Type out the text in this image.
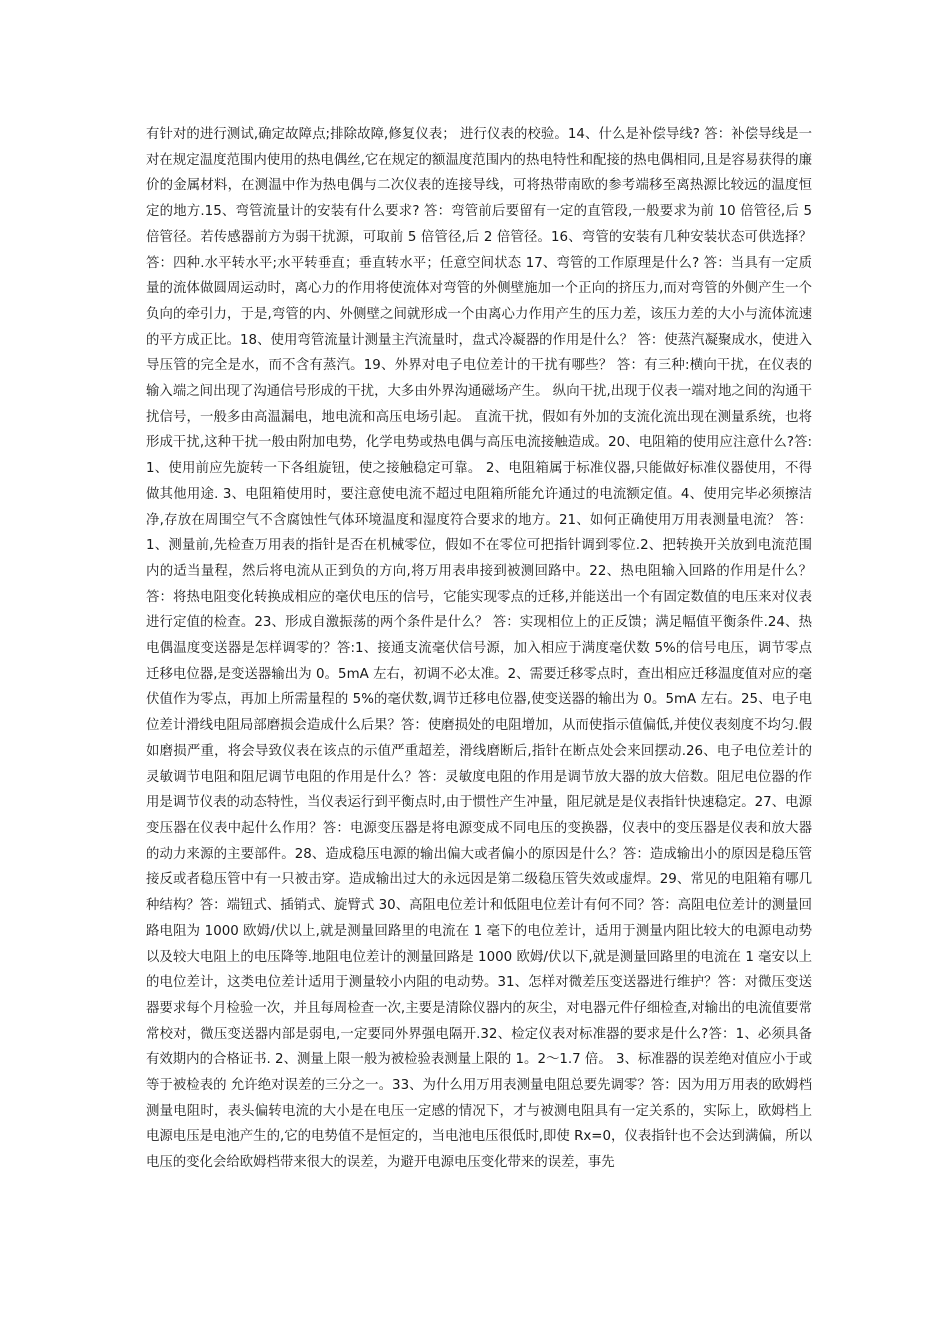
有针对的进行测试,确定故障点;排除故障,修复仪表； 进行仪表的校验。14、什么是补偿导线? 答：补偿导线是一对在规定温度范围内使用的热电偶丝,它在规定的额温度范围内的热电特性和配接的热电偶相同,且是容易获得的廉价的金属材料，在测温中作为热电偶与二次仪表的连接导线，可将热带南欧的参考端移至离热源比较远的温度恒定的地方.15、弯管流量计的安装有什么要求? 答：弯管前后要留有一定的直管段,一般要求为前 10 倍管径,后 5 倍管径。若传感器前方为弱干扰源，可取前 5 倍管径,后 2 倍管径。16、弯管的安装有几种安装状态可供选择？ 答：四种.水平转水平;水平转垂直；垂直转水平；任意空间状态 17、弯管的工作原理是什么? 答：当具有一定质量的流体做圆周运动时，离心力的作用将使流体对弯管的外侧壁施加一个正向的挤压力,而对弯管的外侧产生一个负向的牵引力，于是,弯管的内、外侧壁之间就形成一个由离心力作用产生的压力差，该压力差的大小与流体流速的平方成正比。18、使用弯管流量计测量主汽流量时，盘式冷凝器的作用是什么？ 答：使蒸汽凝聚成水，使进入导压管的完全是水，而不含有蒸汽。19、外界对电子电位差计的干扰有哪些？ 答：有三种:横向干扰，在仪表的输入端之间出现了沟通信号形成的干扰，大多由外界沟通磁场产生。 纵向干扰,出现于仪表一端对地之间的沟通干扰信号，一般多由高温漏电，地电流和高压电场引起。 直流干扰，假如有外加的支流化流出现在测量系统，也将形成干扰,这种干扰一般由附加电势，化学电势或热电偶与高压电流接触造成。20、电阻箱的使用应注意什么?答:1、使用前应先旋转一下各组旋钮，使之接触稳定可靠。 2、电阻箱属于标准仪器,只能做好标准仪器使用，不得做其他用途. 3、电阻箱使用时，要注意使电流不超过电阻箱所能允许通过的电流额定值。4、使用完毕必须擦洁净,存放在周围空气不含腐蚀性气体环境温度和湿度符合要求的地方。21、如何正确使用万用表测量电流？ 答：1、测量前,先检查万用表的指针是否在机械零位，假如不在零位可把指针调到零位.2、把转换开关放到电流范围内的适当量程，然后将电流从正到负的方向,将万用表串接到被测回路中。22、热电阻输入回路的作用是什么？ 答：将热电阻变化转换成相应的毫伏电压的信号，它能实现零点的迁移,并能送出一个有固定数值的电压来对仪表进行定值的检查。23、形成自激振荡的两个条件是什么？ 答：实现相位上的正反馈；满足幅值平衡条件.24、热电偶温度变送器是怎样调零的？答:1、接通支流毫伏信号源，加入相应于满度毫伏数 5%的信号电压，调节零点迁移电位器,是变送器输出为 0。5mA 左右，初调不必太准。2、需要迁移零点时，查出相应迁移温度值对应的毫伏值作为零点，再加上所需量程的 5%的毫伏数,调节迁移电位器,使变送器的输出为 0。5mA 左右。25、电子电位差计滑线电阻局部磨损会造成什么后果？答：使磨损处的电阻增加，从而使指示值偏低,并使仪表刻度不均匀.假如磨损严重，将会导致仪表在该点的示值严重超差，滑线磨断后,指针在断点处会来回摆动.26、电子电位差计的灵敏调节电阻和阻尼调节电阻的作用是什么？答：灵敏度电阻的作用是调节放大器的放大倍数。阻尼电位器的作用是调节仪表的动态特性，当仪表运行到平衡点时,由于惯性产生冲量，阻尼就是是仪表指针快速稳定。27、电源变压器在仪表中起什么作用？答：电源变压器是将电源变成不同电压的变换器，仪表中的变压器是仪表和放大器的动力来源的主要部件。28、造成稳压电源的输出偏大或者偏小的原因是什么？答：造成输出小的原因是稳压管接反或者稳压管中有一只被击穿。造成输出过大的永远因是第二级稳压管失效或虚焊。29、常见的电阻箱有哪几种结构？答：端钮式、插销式、旋臂式 30、高阻电位差计和低阻电位差计有何不同？答：高阻电位差计的测量回路电阻为 1000 欧姆/伏以上,就是测量回路里的电流在 1 毫下的电位差计，适用于测量内阻比较大的电源电动势以及较大电阻上的电压降等.地阻电位差计的测量回路是 1000 欧姆/伏以下,就是测量回路里的电流在 1 毫安以上的电位差计，这类电位差计适用于测量较小内阻的电动势。31、怎样对微差压变送器进行维护？答：对微压变送器要求每个月检验一次，并且每周检查一次,主要是清除仪器内的灰尘，对电器元件仔细检查,对输出的电流值要常常校对，微压变送器内部是弱电,一定要同外界强电隔开.32、检定仪表对标准器的要求是什么?答：1、必须具备有效期内的合格证书. 2、测量上限一般为被检验表测量上限的 1。2～1.7 倍。 3、标准器的误差绝对值应小于或等于被检表的 允许绝对误差的三分之一。33、为什么用万用表测量电阻总要先调零？答：因为用万用表的欧姆档测量电阻时，表头偏转电流的大小是在电压一定感的情况下，才与被测电阻具有一定关系的，实际上，欧姆档上电源电压是电池产生的,它的电势值不是恒定的，当电池电压很低时,即使 Rx=0，仪表指针也不会达到满偏，所以电压的变化会给欧姆档带来很大的误差，为避开电源电压变化带来的误差，事先
